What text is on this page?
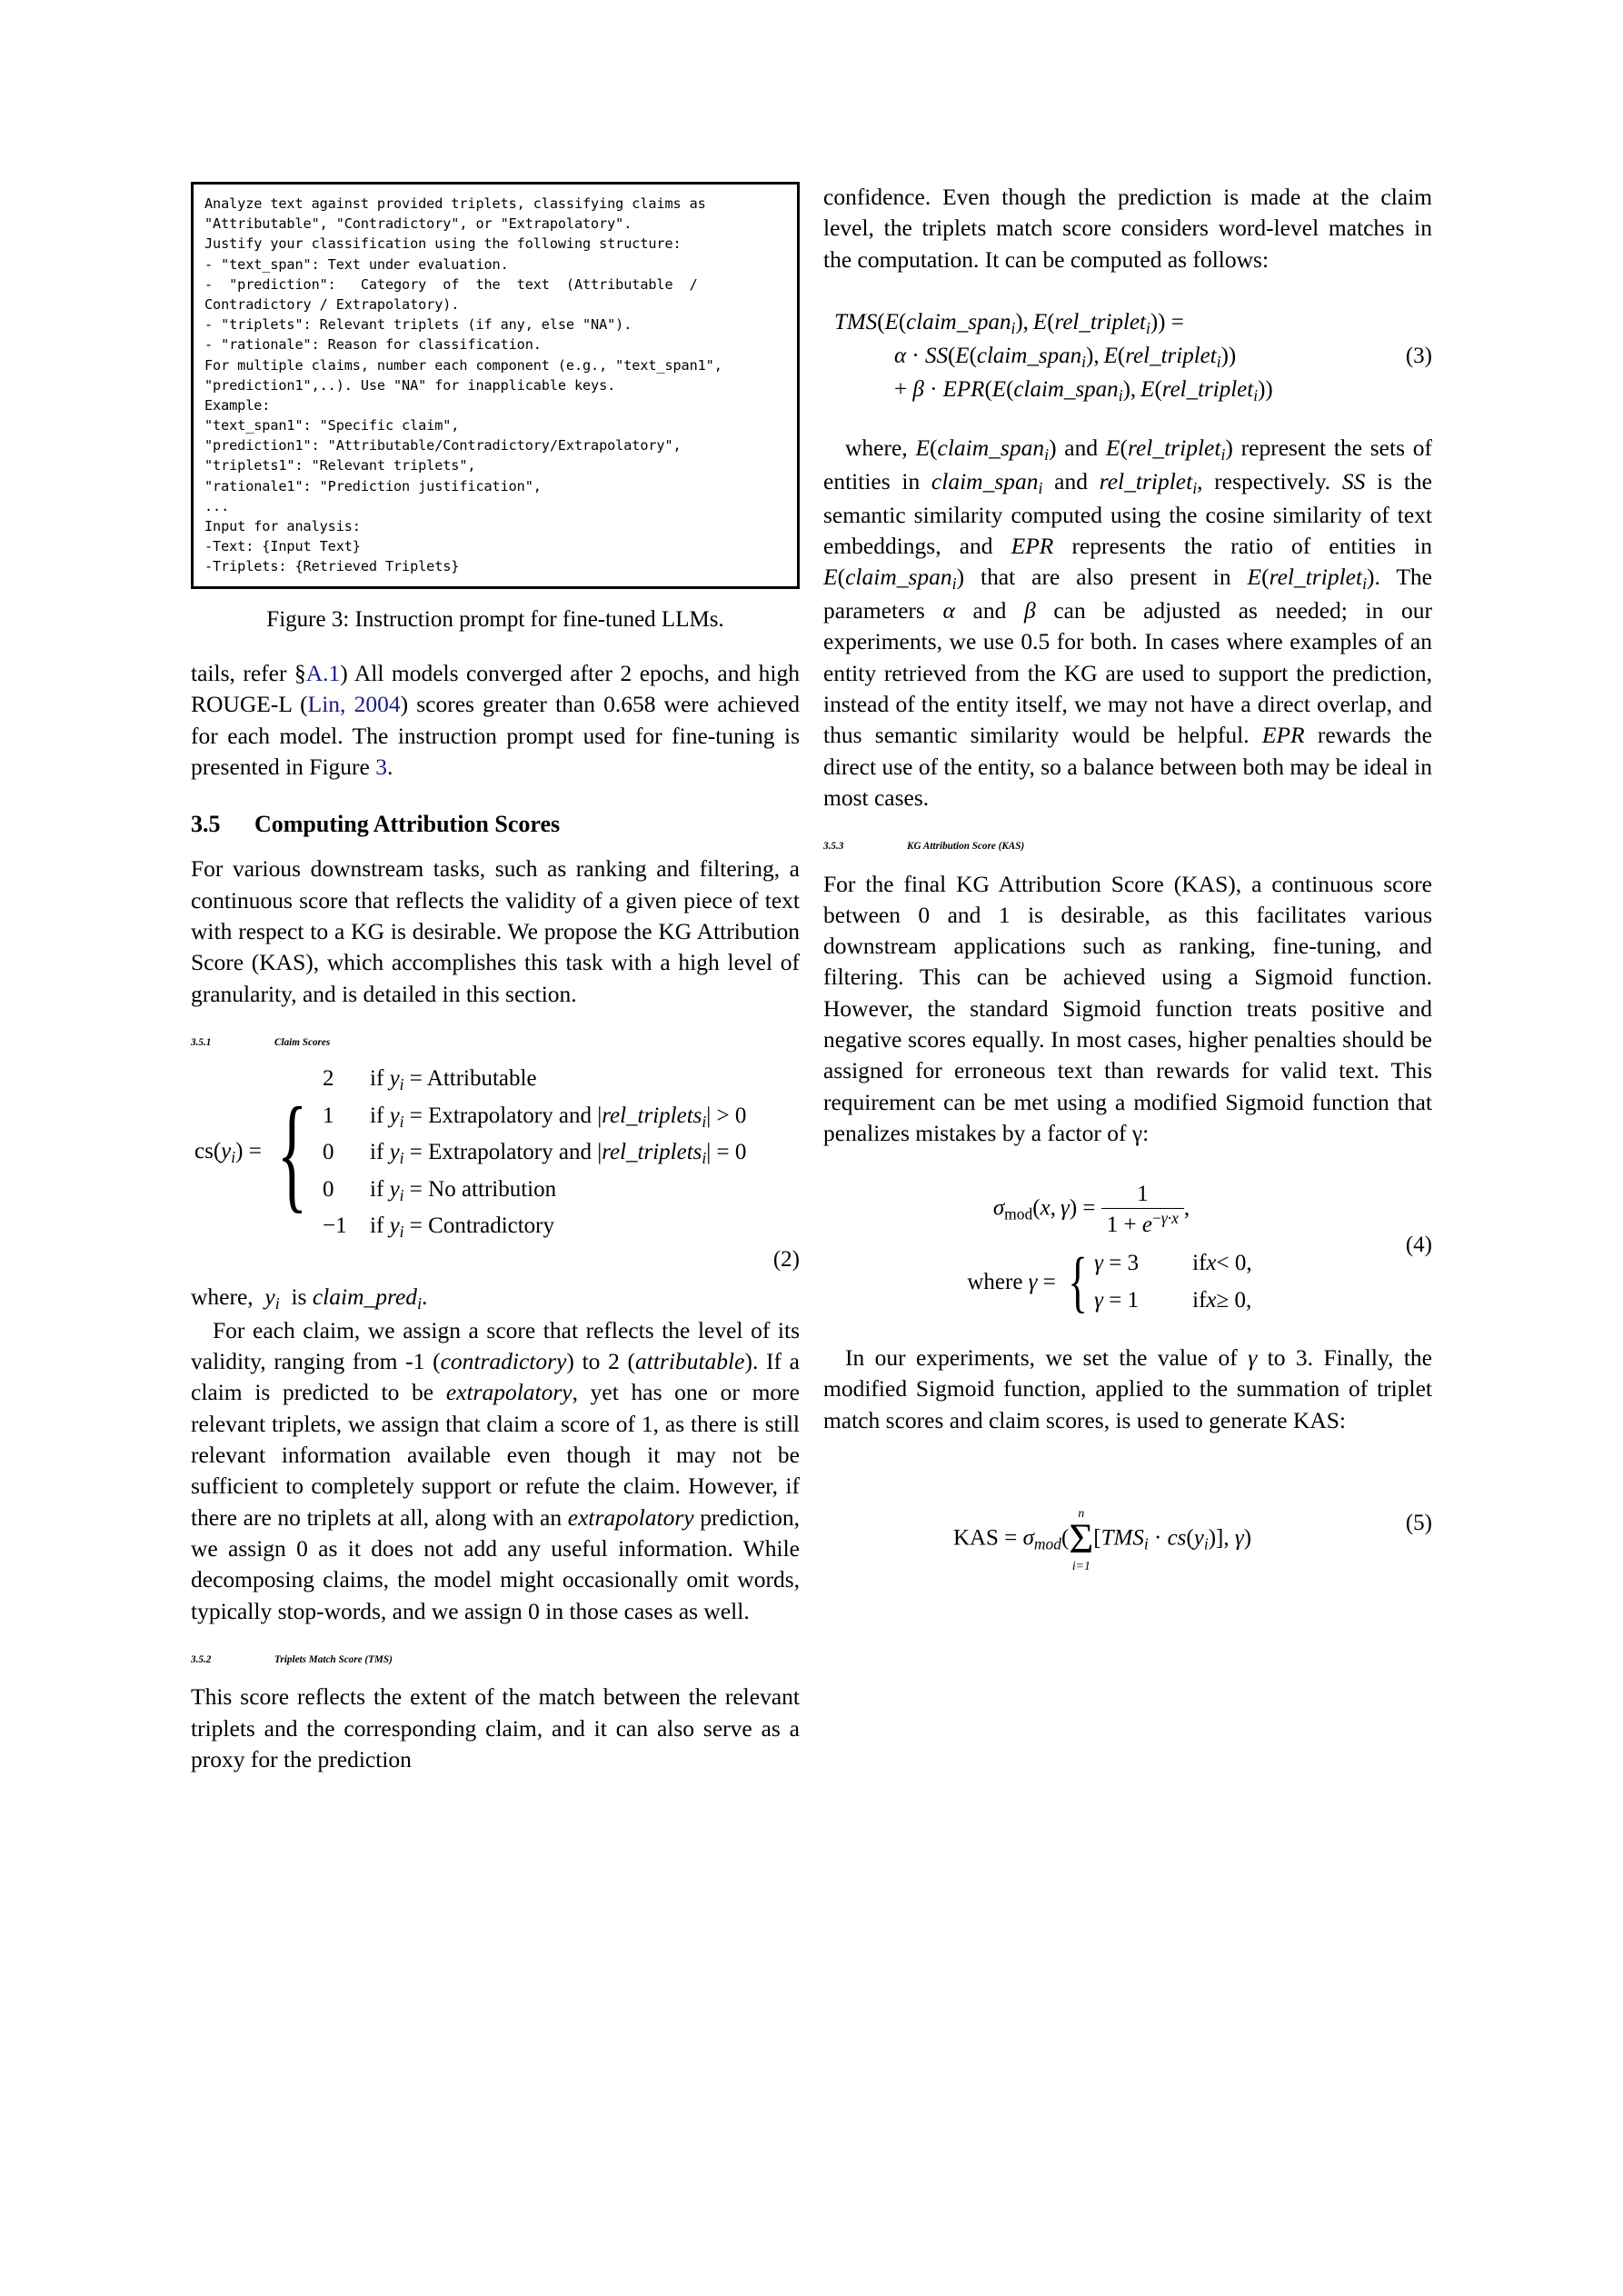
Analyze text against provided triplets, classifying claims as
"Attributable", "Contradictory", or "Extrapolatory".
Justify your classification using the following structure:
- "text_span": Text under evaluation.
-  "prediction":   Category  of  the  text  (Attributable  /
Contradictory / Extrapolatory).
- "triplets": Relevant triplets (if any, else "NA").
- "rationale": Reason for classification.
For multiple claims, number each component (e.g., "text_span1",
"prediction1",..). Use "NA" for inapplicable keys.
Example:
"text_span1": "Specific claim",
"prediction1": "Attributable/Contradictory/Extrapolatory",
"triplets1": "Relevant triplets",
"rationale1": "Prediction justification",
...
Input for analysis:
-Text: {Input Text}
-Triplets: {Retrieved Triplets}
Figure 3: Instruction prompt for fine-tuned LLMs.

tails, refer §A.1) All models converged after 2 epochs, and high ROUGE-L (Lin, 2004) scores greater than 0.658 were achieved for each model. The instruction prompt used for fine-tuning is presented in Figure 3.

3.5 Computing Attribution Scores

For various downstream tasks, such as ranking and filtering, a continuous score that reflects the validity of a given piece of text with respect to a KG is desirable. We propose the KG Attribution Score (KAS), which accomplishes this task with a high level of granularity, and is detailed in this section.

3.5.1	Claim Scores
$cs(y_i)$ = {
2	if $y_i$ = Attributable
1	if $y_i$ = Extrapolatory and |rel_triplets$_i$| > 0
0	if $y_i$ = Extrapolatory and |rel_triplets$_i$| = 0
0	if $y_i = No$ attribution
−1	if $y_i$ = Contradictory
(2)

where,  $y_i$  is claim_pred$_i$.

For each claim, we assign a score that reflects the level of its validity, ranging from -1 (contradictory) to 2 (attributable). If a claim is predicted to be extrapolatory, yet has one or more relevant triplets, we assign that claim a score of 1, as there is still relevant information available even though it may not be sufficient to completely support or refute the claim. However, if there are no triplets at all, along with an extrapolatory prediction, we assign 0 as it does not add any useful information. While decomposing claims, the model might occasionally omit words, typically stop-words, and we assign 0 in those cases as well.

3.5.2	Triplets Match Score (TMS)

This score reflects the extent of the match between the relevant triplets and the corresponding claim, and it can also serve as a proxy for the prediction

confidence. Even though the prediction is made at the claim level, the triplets match score considers word-level matches in the computation. It can be computed as follows:

TMS(E(claim_span$_i$), E(rel_triplet$_i$)) =
α · SS(E(claim_span$_i$), E(rel_triplet$_i$))	(3)
+ β · EPR(E(claim_span$_i$), E(rel_triplet$_i$))

where, E(claim_span$_i$) and E(rel_triplet$_i$) represent the sets of entities in claim_span$_i$ and rel_triplet$_i$, respectively. SS is the semantic similarity computed using the cosine similarity of text embeddings, and EPR represents the ratio of entities in E(claim_span$_i$) that are also present in E(rel_triplet$_i$). The parameters α and β can be adjusted as needed; in our experiments, we use 0.5 for both. In cases where examples of an entity retrieved from the KG are used to support the prediction, instead of the entity itself, we may not have a direct overlap, and thus semantic similarity would be helpful. EPR rewards the direct use of the entity, so a balance between both may be ideal in most cases.

3.5.3	KG Attribution Score (KAS)

For the final KG Attribution Score (KAS), a continuous score between 0 and 1 is desirable, as this facilitates various downstream applications such as ranking, fine-tuning, and filtering. This can be achieved using a Sigmoid function. However, the standard Sigmoid function treats positive and negative scores equally. In most cases, higher penalties should be assigned for erroneous text than rewards for valid text. This requirement can be met using a modified Sigmoid function that penalizes mistakes by a factor of γ:

σmod(x, $\gamma) = \frac{1}{1 + e^{-\gamma\cdot x}}$ ,
where γ = { γ = 3	if x < 0,
γ = 1	if x ≥ 0,
(4)

In our experiments, we set the value of γ to 3. Finally, the modified Sigmoid function, applied to the summation of triplet match scores and claim scores, is used to generate KAS:

KAS = σmod(
n
Σ
i=1
$[TMS_i \cdot cs(y_i)]$, γ)
(5)
